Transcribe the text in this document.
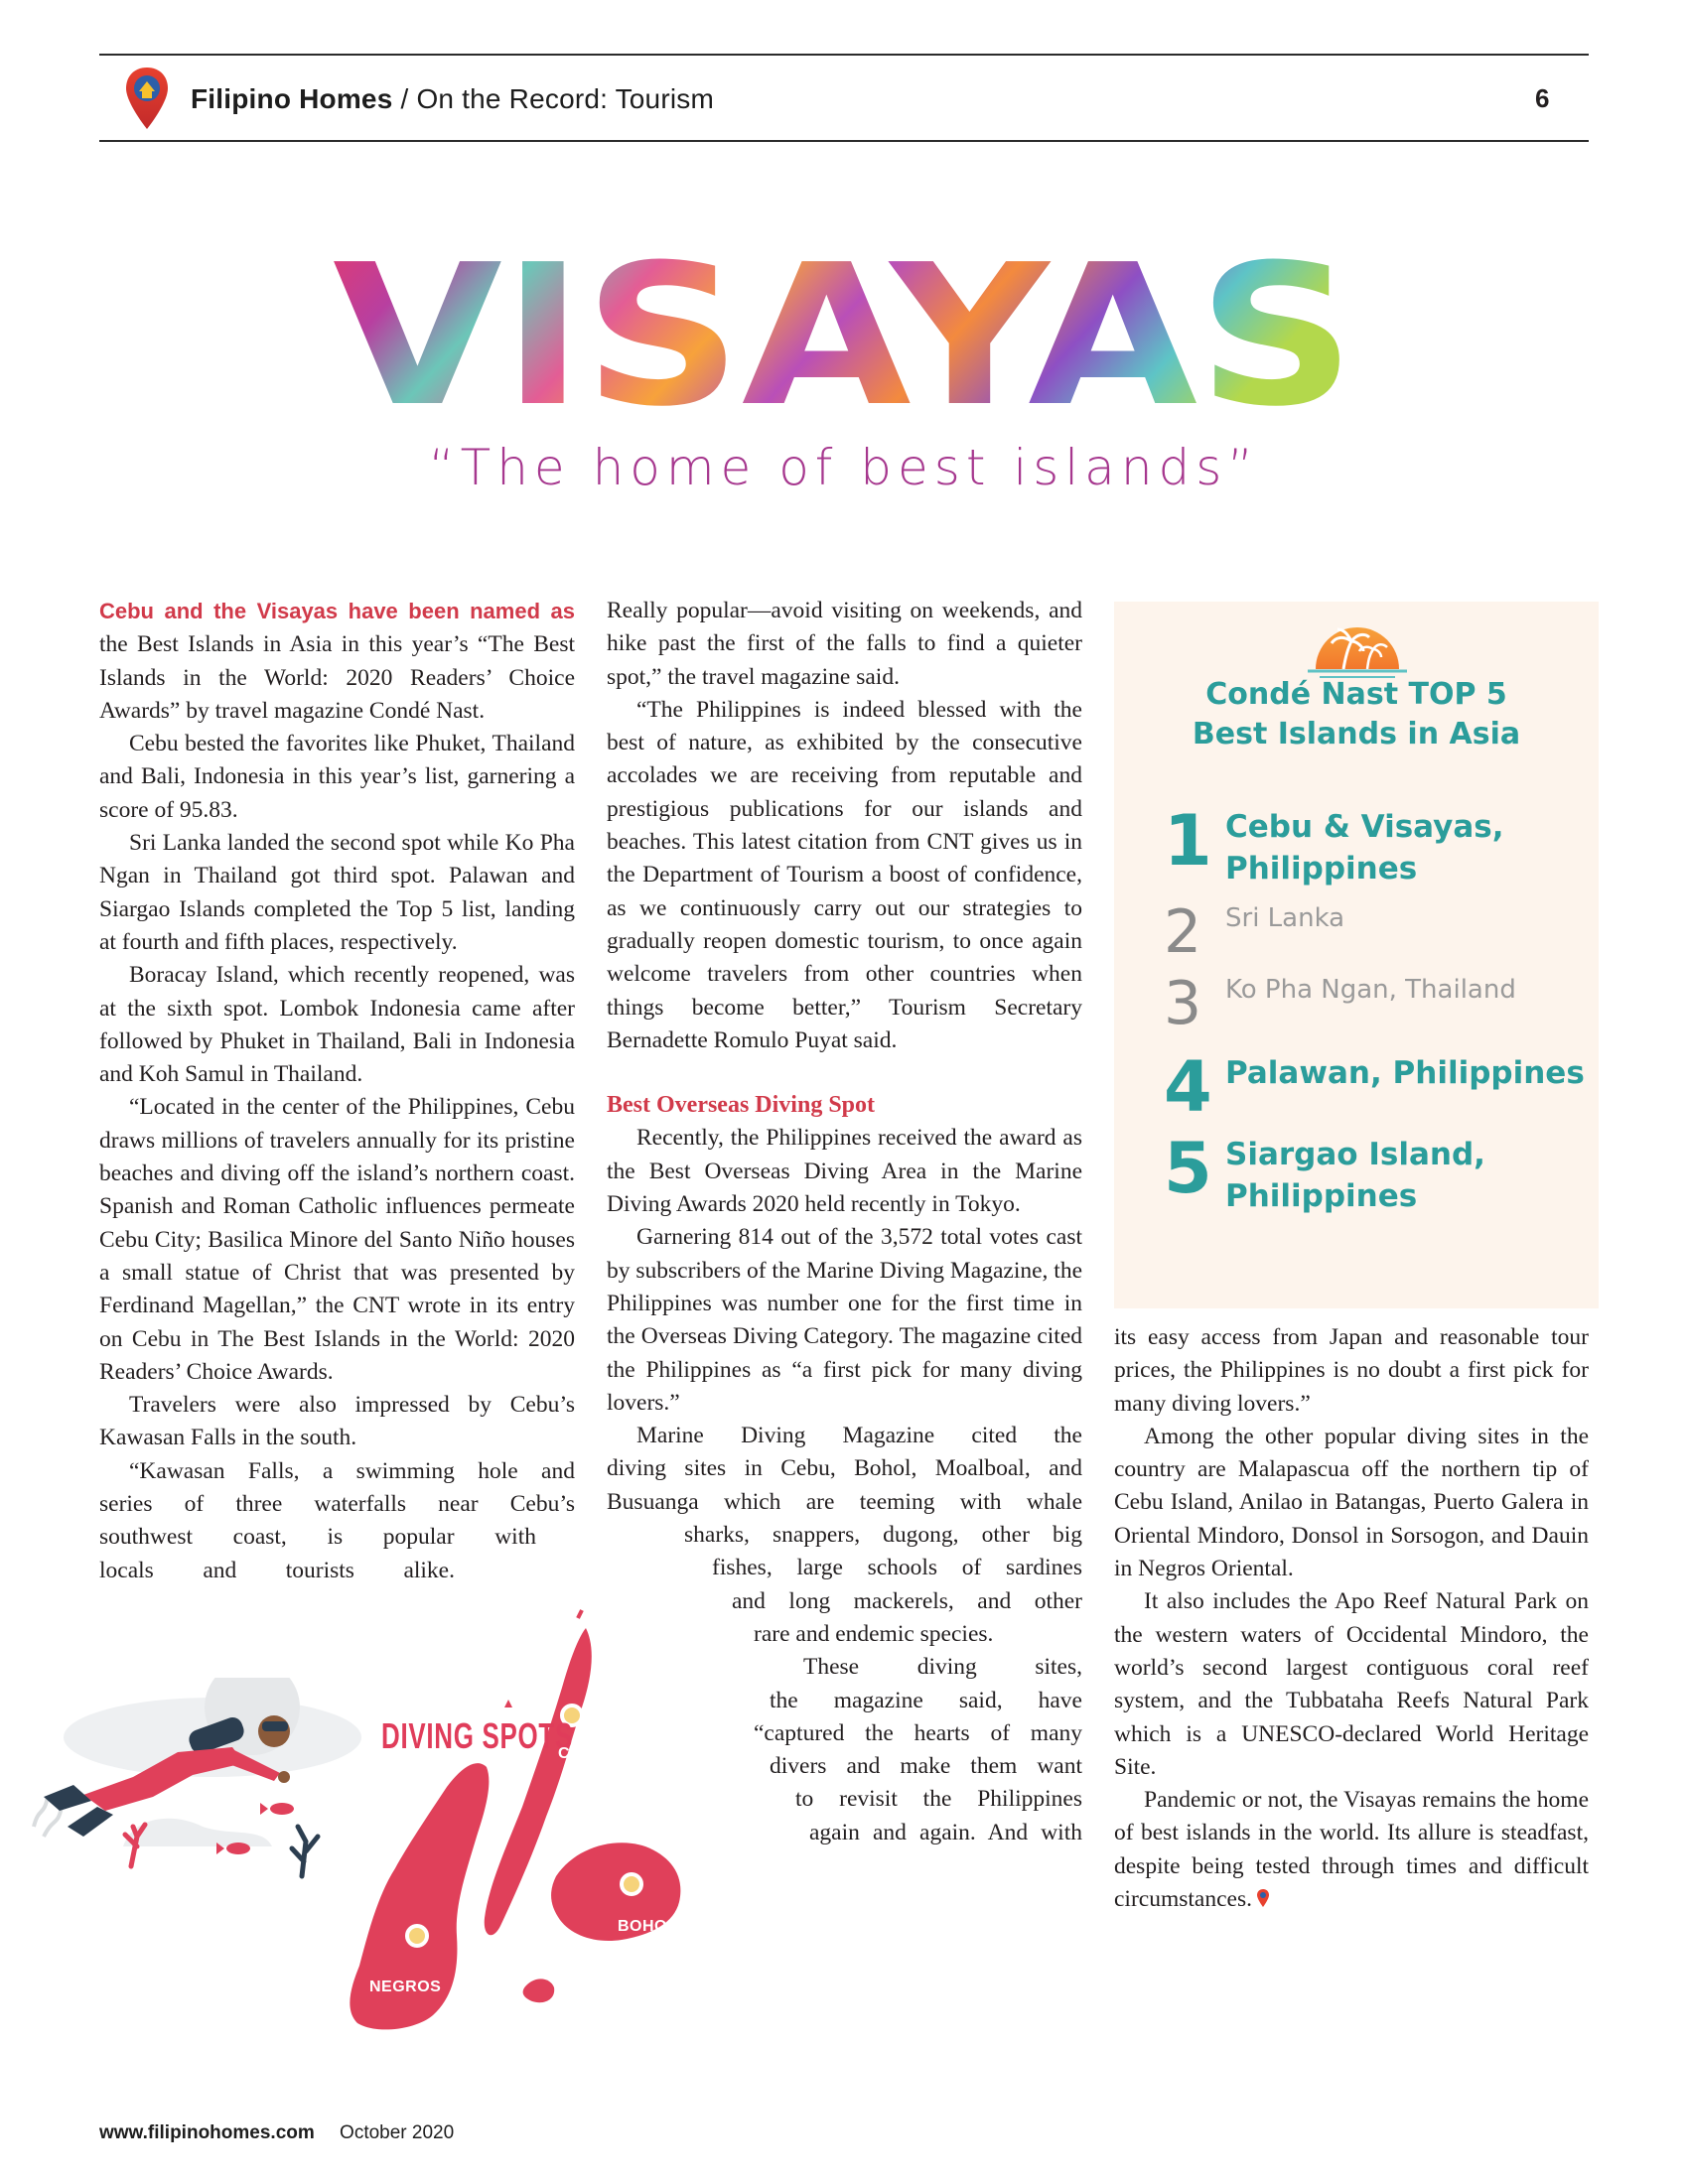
Filipino Homes / On the Record: Tourism	6
VISAYAS
“The home of best islands”

Cebu and the Visayas have been named as the Best Islands in Asia in this year’s “The Best Islands in the World: 2020 Readers’ Choice Awards” by travel magazine Condé Nast.

Cebu bested the favorites like Phuket, Thailand and Bali, Indonesia in this year’s list, garnering a score of 95.83.

Sri Lanka landed the second spot while Ko Pha Ngan in Thailand got third spot. Palawan and Siargao Islands completed the Top 5 list, landing at fourth and fifth places, respectively.

Boracay Island, which recently reopened, was at the sixth spot. Lombok Indonesia came after followed by Phuket in Thailand, Bali in Indonesia and Koh Samul in Thailand.

“Located in the center of the Philippines, Cebu draws millions of travelers annually for its pristine beaches and diving off the island’s northern coast. Spanish and Roman Catholic influences permeate Cebu City; Basilica Minore del Santo Niño houses a small statue of Christ that was presented by Ferdinand Magellan,” the CNT wrote in its entry on Cebu in The Best Islands in the World: 2020 Readers’ Choice Awards.

Travelers were also impressed by Cebu’s Kawasan Falls in the south.

“Kawasan Falls, a swimming hole and
series of three waterfalls near Cebu’s
southwest coast, is popular with
locals and tourists alike.

Really popular—avoid visiting on weekends, and hike past the first of the falls to find a quieter spot,” the travel magazine said.

“The Philippines is indeed blessed with the best of nature, as exhibited by the consecutive accolades we are receiving from reputable and prestigious publications for our islands and beaches. This latest citation from CNT gives us in the Department of Tourism a boost of confidence, as we continuously carry out our strategies to gradually reopen domestic tourism, to once again welcome travelers from other countries when things become better,” Tourism Secretary Bernadette Romulo Puyat said.

Best Overseas Diving Spot

Recently, the Philippines received the award as the Best Overseas Diving Area in the Marine Diving Awards 2020 held recently in Tokyo.

Garnering 814 out of the 3,572 total votes cast by subscribers of the Marine Diving Magazine, the Philippines was number one for the first time in the Overseas Diving Category. The magazine cited the Philippines as “a first pick for many diving lovers.”

Marine Diving Magazine cited the
diving sites in Cebu, Bohol, Moalboal, and
Busuanga which are teeming with whale
sharks, snappers, dugong, other big
fishes, large schools of sardines
and long mackerels, and other
rare and endemic species.
These diving sites,
the magazine said, have
“captured the hearts of many
divers and make them want
to revisit the Philippines
again and again. And with
Condé Nast TOP 5
Best Islands in Asia
1 Cebu & Visayas,
Philippines
2 Sri Lanka
3 Ko Pha Ngan, Thailand
4 Palawan, Philippines
5 Siargao Island,
Philippines

its easy access from Japan and reasonable tour prices, the Philippines is no doubt a first pick for many diving lovers.”

Among the other popular diving sites in the country are Malapascua off the northern tip of Cebu Island, Anilao in Batangas, Puerto Galera in Oriental Mindoro, Donsol in Sorsogon, and Dauin in Negros Oriental.

It also includes the Apo Reef Natural Park on the western waters of Occidental Mindoro, the world’s second largest contiguous coral reef system, and the Tubbataha Reefs Natural Park which is a UNESCO-declared World Heritage Site.

Pandemic or not, the Visayas remains the home of best islands in the world. Its allure is steadfast, despite being tested through times and difficult circumstances.

DIVING SPOTS
CEBU
BOHOL
NEGROS
www.filipinohomes.com October 2020
